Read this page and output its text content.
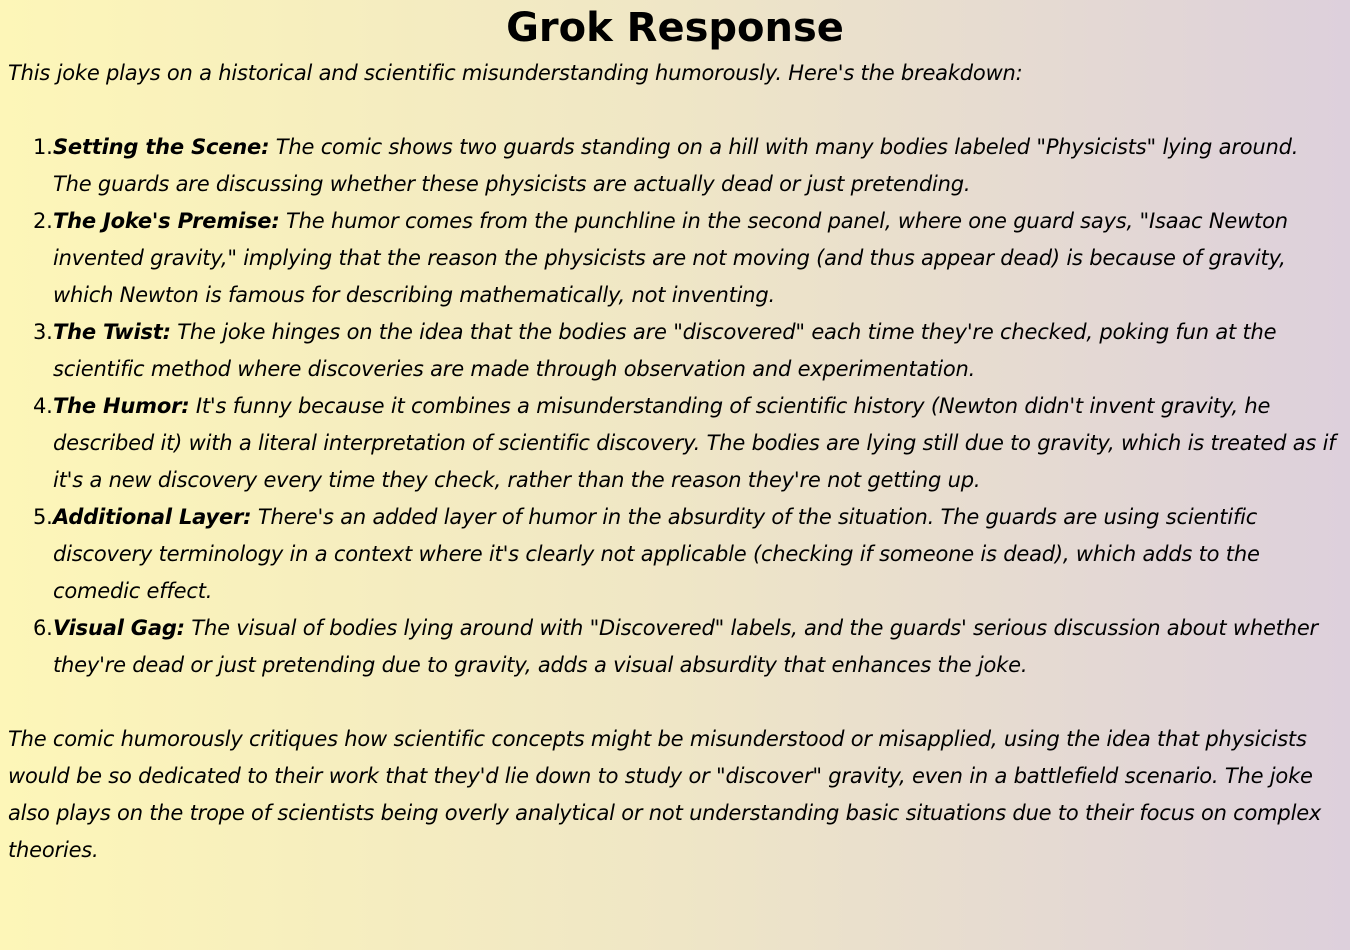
Grok Response

This joke plays on a historical and scientific misunderstanding humorously. Here's the breakdown:

1. Setting the Scene: The comic shows two guards standing on a hill with many bodies labeled "Physicists" lying around. The guards are discussing whether these physicists are actually dead or just pretending.
2. The Joke's Premise: The humor comes from the punchline in the second panel, where one guard says, "Isaac Newton invented gravity," implying that the reason the physicists are not moving (and thus appear dead) is because of gravity, which Newton is famous for describing mathematically, not inventing.
3. The Twist: The joke hinges on the idea that the bodies are "discovered" each time they're checked, poking fun at the scientific method where discoveries are made through observation and experimentation.
4. The Humor: It's funny because it combines a misunderstanding of scientific history (Newton didn't invent gravity, he described it) with a literal interpretation of scientific discovery. The bodies are lying still due to gravity, which is treated as if it's a new discovery every time they check, rather than the reason they're not getting up.
5. Additional Layer: There's an added layer of humor in the absurdity of the situation. The guards are using scientific discovery terminology in a context where it's clearly not applicable (checking if someone is dead), which adds to the comedic effect.
6. Visual Gag: The visual of bodies lying around with "Discovered" labels, and the guards' serious discussion about whether they're dead or just pretending due to gravity, adds a visual absurdity that enhances the joke.

The comic humorously critiques how scientific concepts might be misunderstood or misapplied, using the idea that physicists would be so dedicated to their work that they'd lie down to study or "discover" gravity, even in a battlefield scenario. The joke also plays on the trope of scientists being overly analytical or not understanding basic situations due to their focus on complex theories.
